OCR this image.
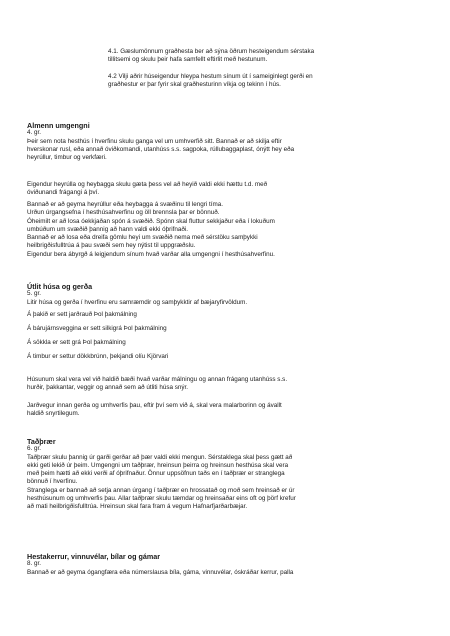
4.1. Gæslumönnum graðhesta ber að sýna öðrum hesteigendum sérstaka
tillitsemi og skulu þeir hafa samfellt eftirlit með hestunum.
4.2 Vilji aðrir húseigendur hleypa hestum sínum út í sameiginlegt gerði en
graðhestur er þar fyrir skal graðhesturinn víkja og tekinn í hús.
Almenn umgengni
4. gr.
Þeir sem nota hesthús í hverfinu skulu ganga vel um umhverfið sitt. Bannað er að skilja eftir
hverskonar rusl, eða annað óviðkomandi, utanhúss s.s. sagpoka, rúllubaggaplast, ónýtt hey eða
heyrúllur, timbur og verkfæri.
Eigendur heyrúlla og heybagga skulu gæta þess vel að heyið valdi ekki hættu t.d. með
óviðunandi frágangi á því.
Bannað er að geyma heyrúllur eða heybagga á svæðinu til lengri tíma.
Urðun úrgangsefna í hesthúsahverfinu og öll brennsla þar er bönnuð.
Óheimilt er að losa óekkjaðan spón á svæðið. Spónn skal fluttur sekkjaður eða í lokuðum
umbúðum um svæðið þannig að hann valdi ekki óþrifnaði.
Bannað er að losa eða dreifa gömlu heyi um svæðið nema með sérstöku samþykki
heilbrigðisfulltrúa á þau svæði sem hey nýtist til uppgræðslu.
Eigendur bera ábyrgð á leigjendum sínum hvað varðar alla umgengni í hesthúsahverfinu.
Útlit húsa og gerða
5. gr.
Litir húsa og gerða í hverfinu eru samræmdir og samþykktir af bæjaryfirvöldum.
Á þakið er sett jarðrauð Þol þakmálning
Á bárujárnsveggina er sett silkigrá Þol þakmálning
Á sökkla er sett grá Þol þakmálning
Á timbur er settur dökkbrúnn, þekjandi olíu Kjörvari
Húsunum skal vera vel við haldið bæði hvað varðar málningu og annan frágang utanhúss s.s.
hurðir, þakkantar, veggir og annað sem að útliti húsa snýr.
Jarðvegur innan gerða og umhverfis þau, eftir því sem við á, skal vera malarborinn og ávallt
haldið snyrtilegum.
Taðþrær
6. gr.
Taðþrær skulu þannig úr garði gerðar að þær valdi ekki mengun. Sérstaklega skal þess gætt að
ekki geti lekið úr þeim. Umgengni um taðþrær, hreinsun þeirra og hreinsun hesthúsa skal vera
með þeim hætti að ekki verði af óþrifnaður. Önnur uppsöfnun taðs en í taðþrær er stranglega
bönnuð í hverfinu.
Stranglega er bannað að setja annan úrgang í taðþrær en hrossatað og moð sem hreinsað er úr
hesthúsunum og umhverfis þau. Allar taðþrær skulu tæmdar og hreinsaðar eins oft og þörf krefur
að mati heilbrigðisfulltrúa. Hreinsun skal fara fram á vegum Hafnarfjarðarbæjar.
Hestakerrur, vinnuvélar, bílar og gámar
8. gr.
Bannað er að geyma ógangfæra eða númerslausa bíla, gáma, vinnuvélar, óskráðar kerrur, palla
